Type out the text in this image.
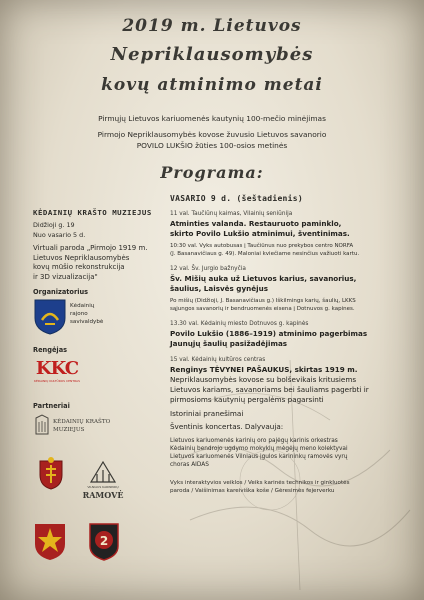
2019 m. Lietuvos
Nepriklausomybės
kovų atminimo metai
Pirmųjų Lietuvos kariuomenės kautynių 100-mečio minėjimas
Pirmojo Nepriklausomybės kovose žuvusio Lietuvos savanorio
POVILO LUKŠIO žūties 100-osios metinės
Programa:
KĖDAINIŲ KRAŠTO MUZIEJUS
Didžioji g. 19
Nuo vasario 5 d.
Virtuali paroda „Pirmojo 1919 m.
Lietuvos Nepriklausomybės
kovų mūšio rekonstrukcija
ir 3D vizualizacija"
Organizatorius
Kėdainių
rajono
savivaldybė
Rengėjas
KKC
KĖDAINIŲ KULTŪROS CENTRAS
Partneriai
KĖDAINIŲ KRAŠTO
MUZIEJUS
VILNIAUS KARININKŲ
RAMOVĖ
2
VASARIO 9 d. (šeštadienis)
11 val. Taučiūnų kaimas, Vilainių seniūnija
Atminties valanda. Restauruoto paminklo,
skirto Povilo Lukšio atminimui, šventinimas.
10:30 val. Vyks autobusas į Taučiūnus nuo prekybos centro NORFA
(J. Basanavičiaus g. 49). Maloniai kviečiame nesinčius važiuoti kartu.
12 val. Šv. Jurgio bažnyčia
Šv. Mišių auka už Lietuvos karius, savanorius,
šaulius, Laisvės gynėjus
Po mišių (Didžioji, J. Basanavičiaus g.) Iškilmings karių, šaulių, LKKS
sąjungos savanorių ir bendruomenės eisena į Dotnuvos g. kapines.
13.30 val. Kėdainių miesto Dotnuvos g. kapinės
Povilo Lukšio (1886–1919) atminimo pagerbimas
Jaunųjų šaulių pasižadėjimas
15 val. Kėdainių kultūros centras
Renginys TĖVYNEI PAŠAUKUS, skirtas 1919 m.
Nepriklausomybės kovose su bolševikais kritusiems
Lietuvos kariams, savanoriams bei šauliams pagerbti ir
pirmosioms kautynių pergalėms pagarsinti
Istoriniai pranešimai
Šventinis koncertas. Dalyvauja:
Lietuvos kariuomenės karinių oro pajėgų karinis orkestras
Kėdainių bendrojo ugdymo mokyklų mėgėjų meno kolektyvai
Lietuvos kariuomenės Vilniaus įgulos karininkų ramovės vyrų
choras AIDAS
Vyks interaktyvios veiklos / Veiks karinės technikos ir ginkluotės
paroda / Vaišinimas kareiviška koše / Gėresimės fejerverku
